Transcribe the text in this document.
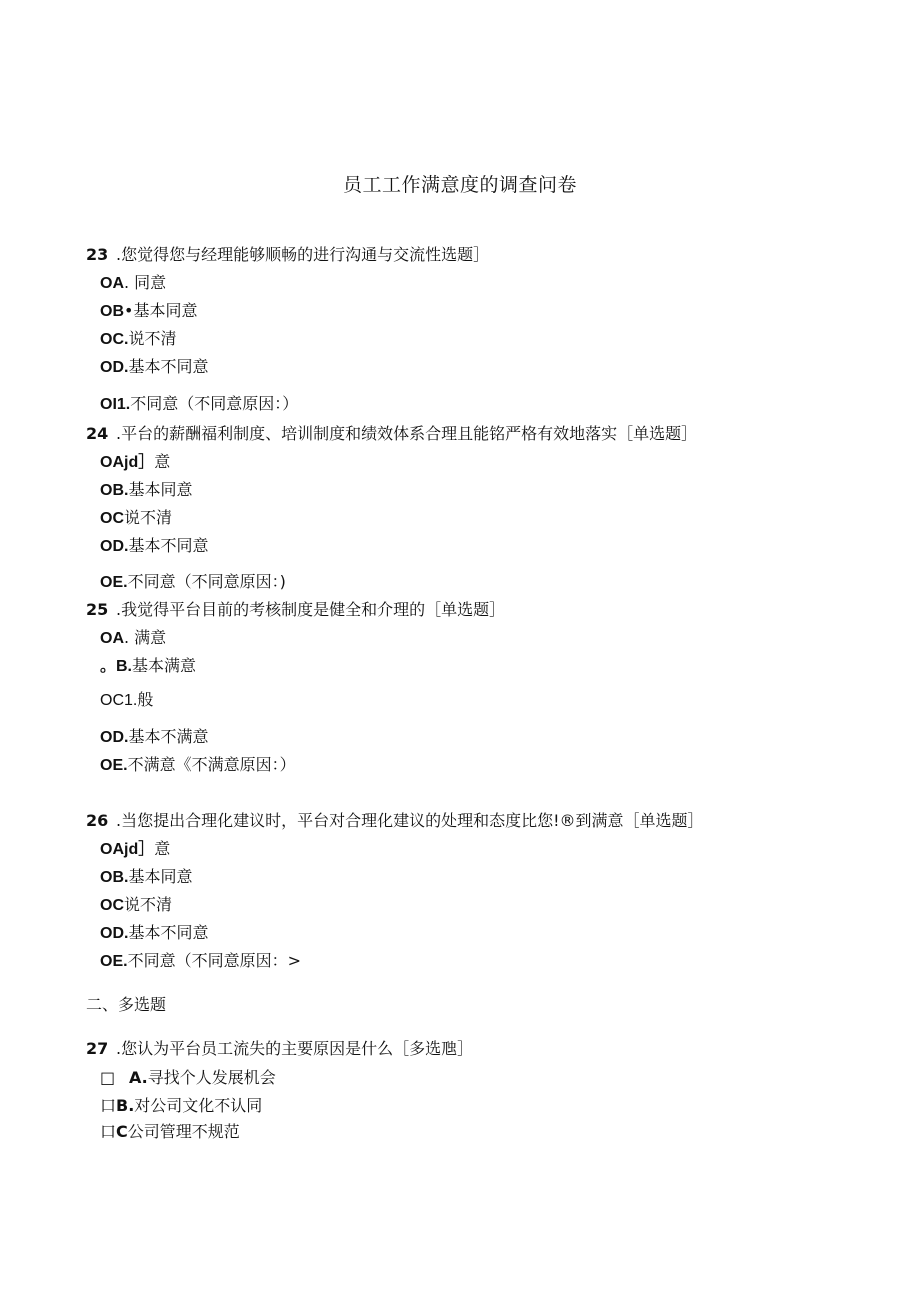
员工工作满意度的调查问卷
23 .您觉得您与经理能够顺畅的进行沟通与交流性选题］
OA. 同意
OB•基本同意
OC.说不清
OD.基本不同意
OI1.不同意（不同意原因：）
24 .平台的薪酬福利制度、培训制度和绩效体系合理且能铭严格有效地落实［单选题］
OAjd］意
OB.基本同意
OC说不清
OD.基本不同意
OE.不同意（不同意原因：)
25 .我觉得平台目前的考核制度是健全和介理的［单选题］
OA. 满意
。B.基本满意
OC1.般
OD.基本不满意
OE.不满意《不满意原因：）
26 .当您提出合理化建议时，平台对合理化建议的处理和态度比您!®到满意［单选题］
OAjd］意
OB.基本同意
OC说不清
OD.基本不同意
OE.不同意（不同意原因：>
二、多选题
27 .您认为平台员工流失的主要原因是什么［多选虺］
□ A.寻找个人发展机会
口B.对公司文化不认同
口C公司管理不规范
